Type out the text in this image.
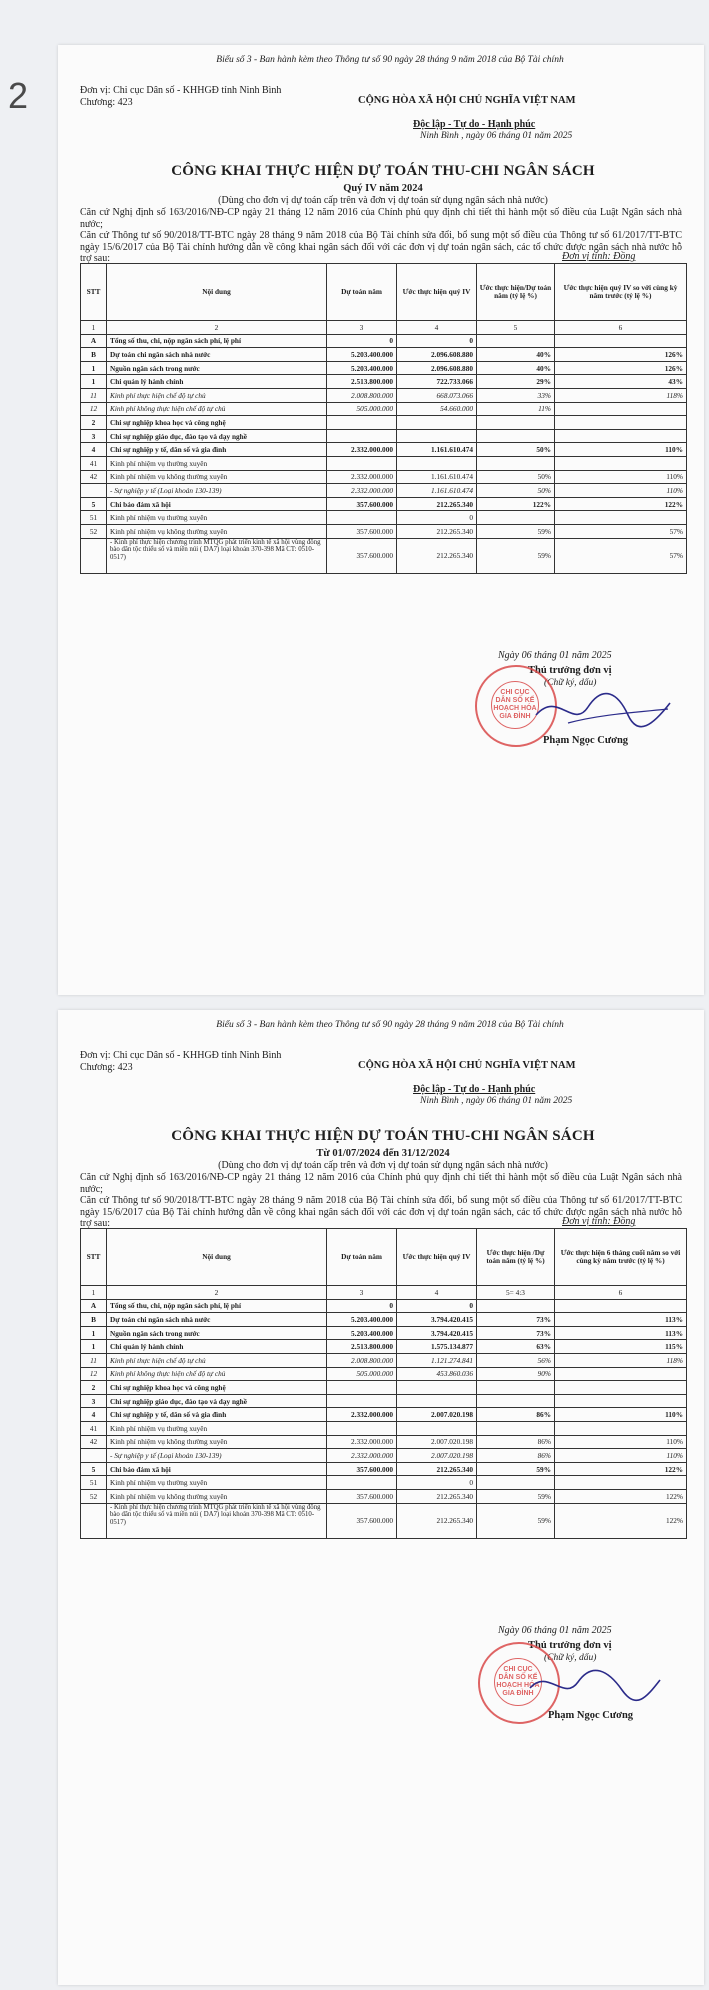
2
Biểu số 3 - Ban hành kèm theo Thông tư số 90 ngày 28 tháng 9 năm 2018 của Bộ Tài chính
Đơn vị: Chi cục Dân số - KHHGĐ tỉnh Ninh Bình
Chương: 423	CỘNG HÒA XÃ HỘI CHỦ NGHĨA VIỆT NAM
Độc lập - Tự do - Hạnh phúc
Ninh Bình , ngày 06 tháng 01 năm 2025
CÔNG KHAI THỰC HIỆN DỰ TOÁN THU-CHI NGÂN SÁCH
Quý IV năm 2024
(Dùng cho đơn vị dự toán cấp trên và đơn vị dự toán sử dụng ngân sách nhà nước)

Căn cứ Nghị định số 163/2016/NĐ-CP ngày 21 tháng 12 năm 2016 của Chính phủ quy định chi tiết thi hành một số điều của Luật Ngân sách nhà nước;

Căn cứ Thông tư số 90/2018/TT-BTC ngày 28 tháng 9 năm 2018 của Bộ Tài chính sửa đổi, bổ sung một số điều của Thông tư số 61/2017/TT-BTC ngày 15/6/2017 của Bộ Tài chính hướng dẫn về công khai ngân sách đối với các đơn vị dự toán ngân sách, các tổ chức được ngân sách nhà nước hỗ trợ sau:	Đơn vị tính: Đồng
STT	Nội dung	Dự toán năm	Ước thực hiện quý IV	Ước thực hiện/Dự toán năm (tỷ lệ %)	Ước thực hiện quý IV so với cùng kỳ năm trước (tỷ lệ %)
1	2	3	4	5	6
A	Tổng số thu, chi, nộp ngân sách phí, lệ phí	0	0		
B	Dự toán chi ngân sách nhà nước	5.203.400.000	2.096.608.880	40%	126%
1	Nguồn ngân sách trong nước	5.203.400.000	2.096.608.880	40%	126%
1	Chi quản lý hành chính	2.513.800.000	722.733.066	29%	43%
11	Kinh phí thực hiện chế độ tự chủ	2.008.800.000	668.073.066	33%	118%
12	Kinh phí không thực hiện chế độ tự chủ	505.000.000	54.660.000	11%	
2	Chi sự nghiệp khoa học và công nghệ				
3	Chi sự nghiệp giáo dục, đào tạo và dạy nghề				
4	Chi sự nghiệp y tế, dân số và gia đình	2.332.000.000	1.161.610.474	50%	110%
41	Kinh phí nhiệm vụ thường xuyên				
42	Kinh phí nhiệm vụ không thường xuyên	2.332.000.000	1.161.610.474	50%	110%
	- Sự nghiệp y tế (Loại khoản 130-139)	2.332.000.000	1.161.610.474	50%	110%
5	Chi bảo đảm xã hội	357.600.000	212.265.340	122%	122%
51	Kinh phí nhiệm vụ thường xuyên		0		
52	Kinh phí nhiệm vụ không thường xuyên	357.600.000	212.265.340	59%	57%
	- Kinh phí thực hiện chương trình MTQG phát triển kinh tế xã hội vùng đồng bào dân tộc thiểu số và miền núi ( DA7) loại khoản 370-398 Mã CT: 0510-0517)	357.600.000	212.265.340	59%	57%
Ngày 06 tháng 01 năm 2025
Thủ trưởng đơn vị
(Chữ ký, dấu)
CHI CỤC DÂN SỐ KẾ HOẠCH HÓA GIA ĐÌNH
Phạm Ngọc Cương
Biểu số 3 - Ban hành kèm theo Thông tư số 90 ngày 28 tháng 9 năm 2018 của Bộ Tài chính
Đơn vị: Chi cục Dân số - KHHGĐ tỉnh Ninh Bình
Chương: 423	CỘNG HÒA XÃ HỘI CHỦ NGHĨA VIỆT NAM
Độc lập - Tự do - Hạnh phúc
Ninh Bình , ngày 06 tháng 01 năm 2025
CÔNG KHAI THỰC HIỆN DỰ TOÁN THU-CHI NGÂN SÁCH
Từ 01/07/2024 đến 31/12/2024
(Dùng cho đơn vị dự toán cấp trên và đơn vị dự toán sử dụng ngân sách nhà nước)

Căn cứ Nghị định số 163/2016/NĐ-CP ngày 21 tháng 12 năm 2016 của Chính phủ quy định chi tiết thi hành một số điều của Luật Ngân sách nhà nước;

Căn cứ Thông tư số 90/2018/TT-BTC ngày 28 tháng 9 năm 2018 của Bộ Tài chính sửa đổi, bổ sung một số điều của Thông tư số 61/2017/TT-BTC ngày 15/6/2017 của Bộ Tài chính hướng dẫn về công khai ngân sách đối với các đơn vị dự toán ngân sách, các tổ chức được ngân sách nhà nước hỗ trợ sau:	Đơn vị tính: Đồng
STT	Nội dung	Dự toán năm	Ước thực hiện quý IV	Ước thực hiện /Dự toán năm (tỷ lệ %)	Ước thực hiện 6 tháng cuối năm so với cùng kỳ năm trước (tỷ lệ %)
1	2	3	4	5= 4:3	6
A	Tổng số thu, chi, nộp ngân sách phí, lệ phí	0	0		
B	Dự toán chi ngân sách nhà nước	5.203.400.000	3.794.420.415	73%	113%
1	Nguồn ngân sách trong nước	5.203.400.000	3.794.420.415	73%	113%
1	Chi quản lý hành chính	2.513.800.000	1.575.134.877	63%	115%
11	Kinh phí thực hiện chế độ tự chủ	2.008.800.000	1.121.274.841	56%	118%
12	Kinh phí không thực hiện chế độ tự chủ	505.000.000	453.860.036	90%	
2	Chi sự nghiệp khoa học và công nghệ				
3	Chi sự nghiệp giáo dục, đào tạo và dạy nghề				
4	Chi sự nghiệp y tế, dân số và gia đình	2.332.000.000	2.007.020.198	86%	110%
41	Kinh phí nhiệm vụ thường xuyên				
42	Kinh phí nhiệm vụ không thường xuyên	2.332.000.000	2.007.020.198	86%	110%
	- Sự nghiệp y tế (Loại khoản 130-139)	2.332.000.000	2.007.020.198	86%	110%
5	Chi bảo đảm xã hội	357.600.000	212.265.340	59%	122%
51	Kinh phí nhiệm vụ thường xuyên		0		
52	Kinh phí nhiệm vụ không thường xuyên	357.600.000	212.265.340	59%	122%
	- Kinh phí thực hiện chương trình MTQG phát triển kinh tế xã hội vùng đồng bào dân tộc thiểu số và miền núi ( DA7) loại khoản 370-398 Mã CT: 0510-0517)	357.600.000	212.265.340	59%	122%
Ngày 06 tháng 01 năm 2025
Thủ trưởng đơn vị
(Chữ ký, dấu)
CHI CỤC DÂN SỐ KẾ HOẠCH HÓA GIA ĐÌNH
Phạm Ngọc Cương
